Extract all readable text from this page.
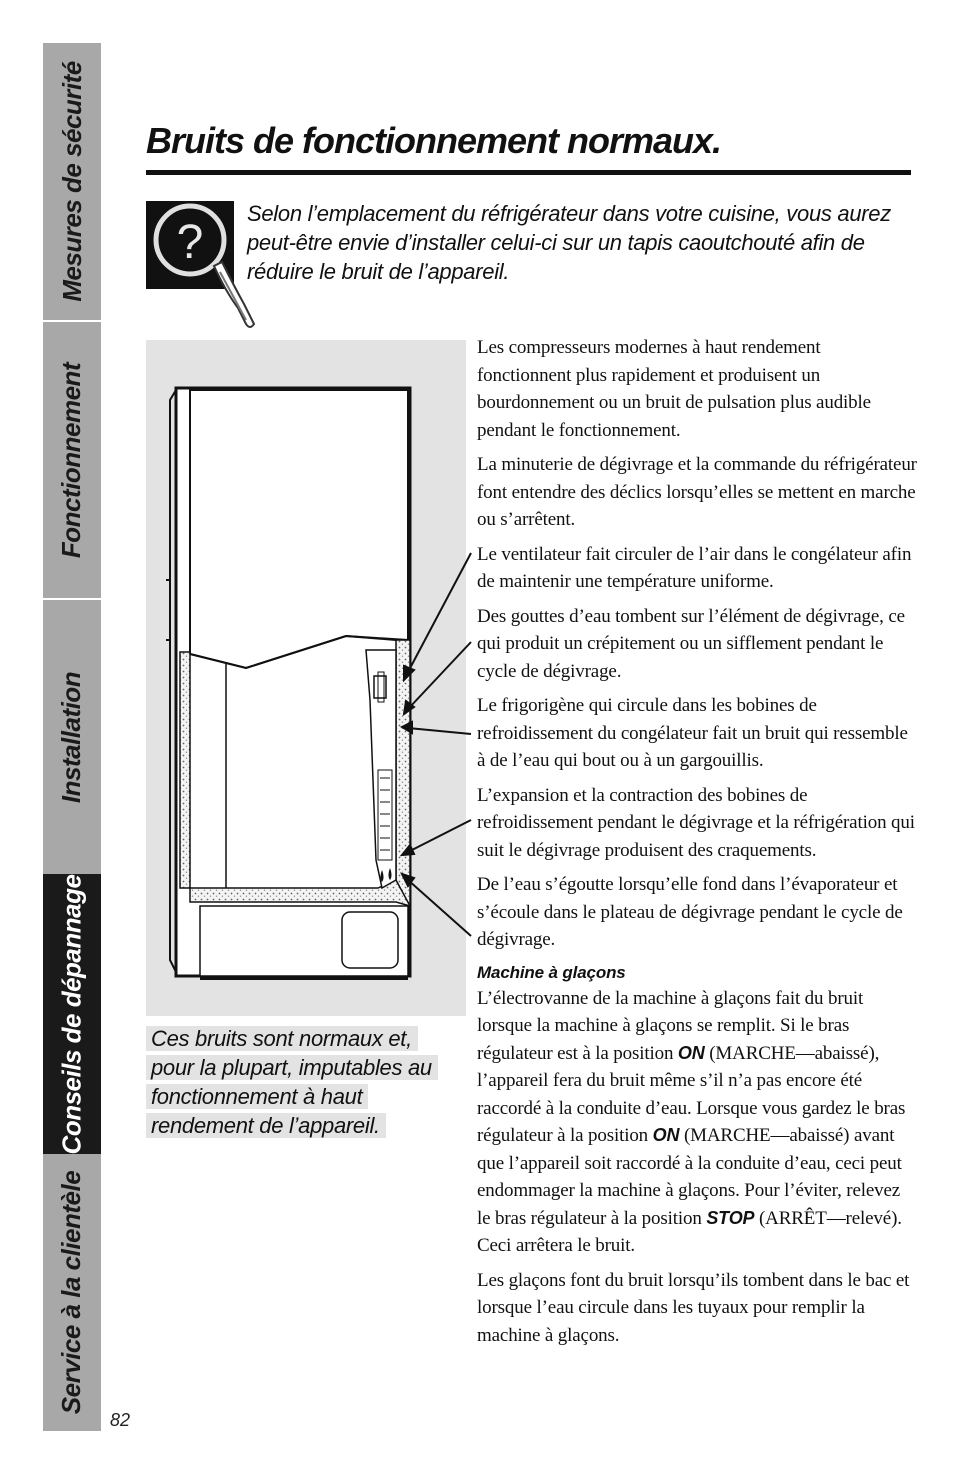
Mesures de sécurité
Fonctionnement
Installation
Conseils de dépannage
Service à la clientèle
82
Bruits de fonctionnement normaux.
?
Selon l’emplacement du réfrigérateur dans votre cuisine, vous aurez peut-être envie d’installer celui-ci sur un tapis caoutchouté afin de réduire le bruit de l’appareil.
Ces bruits sont normaux et, pour la plupart, imputables au fonctionnement à haut rendement de l’appareil.

Les compresseurs modernes à haut rendement fonctionnent plus rapidement et produisent un bourdonnement ou un bruit de pulsation plus audible pendant le fonctionnement.

La minuterie de dégivrage et la commande du réfrigérateur font entendre des déclics lorsqu’elles se mettent en marche ou s’arrêtent.

Le ventilateur fait circuler de l’air dans le congélateur afin de maintenir une température uniforme.

Des gouttes d’eau tombent sur l’élément de dégivrage, ce qui produit un crépitement ou un sifflement pendant le cycle de dégivrage.

Le frigorigène qui circule dans les bobines de refroidissement du congélateur fait un bruit qui ressemble à de l’eau qui bout ou à un gargouillis.

L’expansion et la contraction des bobines de refroidissement pendant le dégivrage et la réfrigération qui suit le dégivrage produisent des craquements.

De l’eau s’égoutte lorsqu’elle fond dans l’évaporateur et s’écoule dans le plateau de dégivrage pendant le cycle de dégivrage.

Machine à glaçons

L’électrovanne de la machine à glaçons fait du bruit lorsque la machine à glaçons se remplit. Si le bras régulateur est à la position ON (MARCHE—abaissé), l’appareil fera du bruit même s’il n’a pas encore été raccordé à la conduite d’eau. Lorsque vous gardez le bras régulateur à la position ON (MARCHE—abaissé) avant que l’appareil soit raccordé à la conduite d’eau, ceci peut endommager la machine à glaçons. Pour l’éviter, relevez le bras régulateur à la position STOP (ARRÊT—relevé). Ceci arrêtera le bruit.

Les glaçons font du bruit lorsqu’ils tombent dans le bac et lorsque l’eau circule dans les tuyaux pour remplir la machine à glaçons.
